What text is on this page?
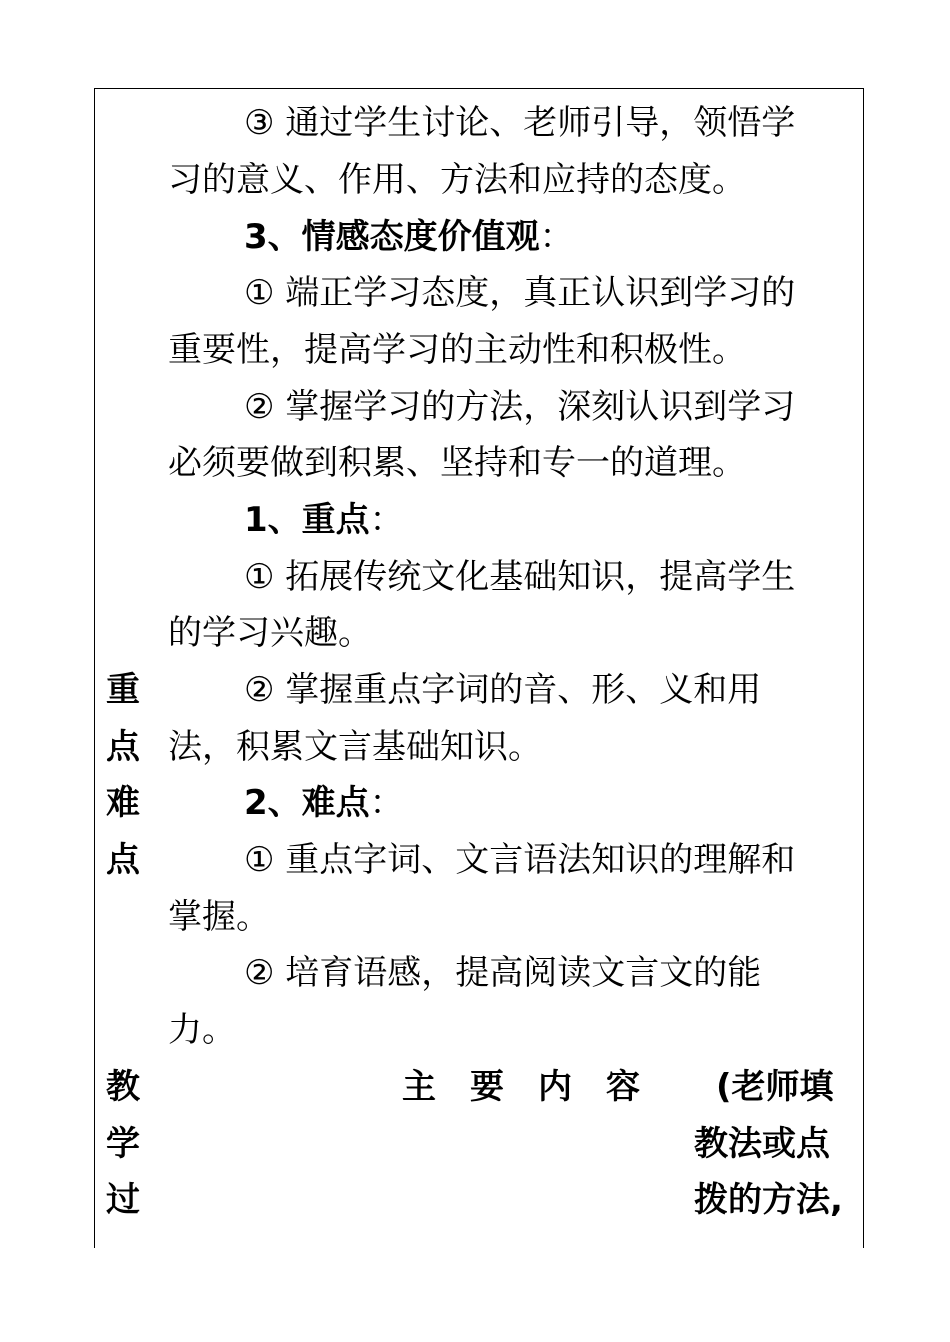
③ 通过学生讨论、老师引导，领悟学
习的意义、作用、方法和应持的态度。
3、情感态度价值观：
① 端正学习态度，真正认识到学习的
重要性，提高学习的主动性和积极性。
② 掌握学习的方法，深刻认识到学习
必须要做到积累、坚持和专一的道理。
1、重点：
① 拓展传统文化基础知识，提高学生
的学习兴趣。
② 掌握重点字词的音、形、义和用
法，积累文言基础知识。
2、难点：
① 重点字词、文言语法知识的理解和
掌握。
② 培育语感，提高阅读文言文的能
力。
重
点
难
点
教
学
过
主　要　内　容 (老师填
教法或点
拨的方法,
